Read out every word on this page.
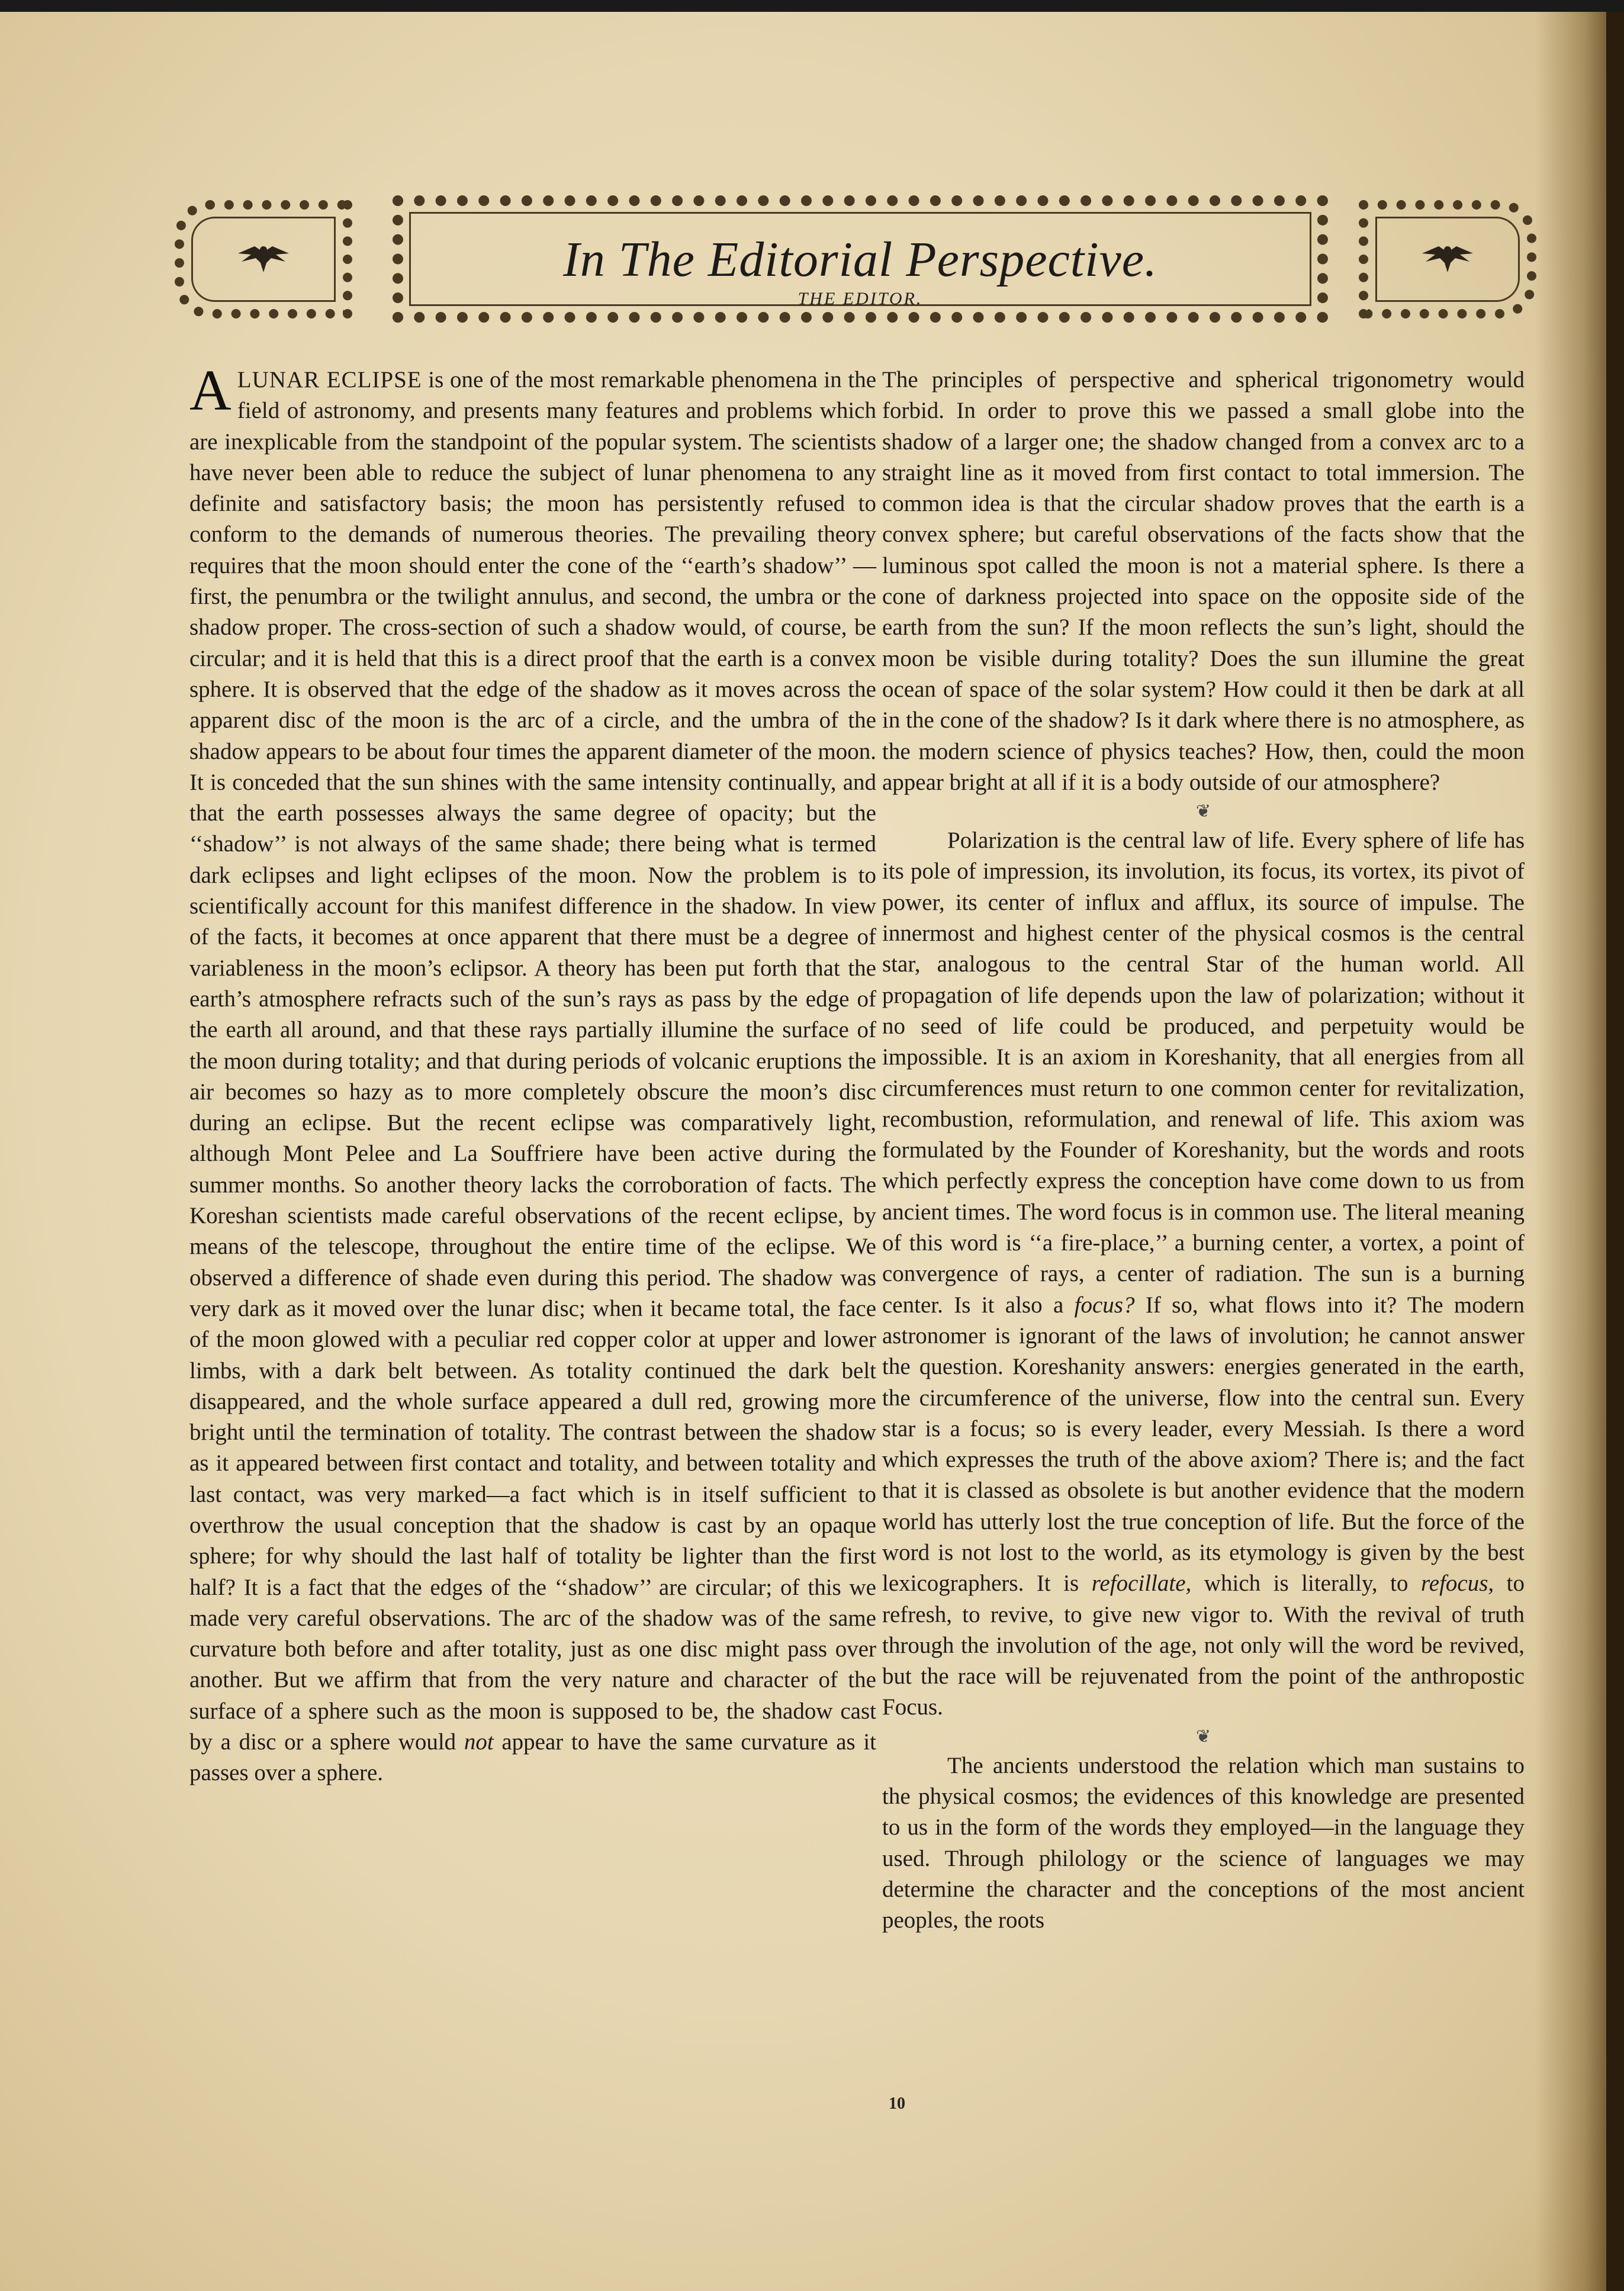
In The Editorial Perspective.
THE EDITOR.

A LUNAR ECLIPSE is one of the most remarkable phenomena in the field of astronomy, and presents many features and problems which are inexplicable from the standpoint of the popular system. The scientists have never been able to reduce the subject of lunar phenomena to any definite and satisfactory basis; the moon has persistently refused to conform to the demands of numerous theories. The prevailing theory requires that the moon should enter the cone of the ‘‘earth’s shadow’’ —first, the penumbra or the twilight annulus, and second, the umbra or the shadow proper. The cross-section of such a shadow would, of course, be circular; and it is held that this is a direct proof that the earth is a convex sphere. It is observed that the edge of the shadow as it moves across the apparent disc of the moon is the arc of a circle, and the umbra of the shadow appears to be about four times the apparent diameter of the moon. It is conceded that the sun shines with the same intensity continually, and that the earth possesses always the same degree of opacity; but the ‘‘shadow’’ is not always of the same shade; there being what is termed dark eclipses and light eclipses of the moon. Now the problem is to scientifically account for this manifest difference in the shadow. In view of the facts, it becomes at once apparent that there must be a degree of variableness in the moon’s eclipsor. A theory has been put forth that the earth’s atmosphere refracts such of the sun’s rays as pass by the edge of the earth all around, and that these rays partially illumine the surface of the moon during totality; and that during periods of volcanic eruptions the air becomes so hazy as to more completely obscure the moon’s disc during an eclipse. But the recent eclipse was comparatively light, although Mont Pelee and La Souffriere have been active during the summer months. So another theory lacks the corroboration of facts. The Koreshan scientists made careful observations of the recent eclipse, by means of the telescope, throughout the entire time of the eclipse. We observed a difference of shade even during this period. The shadow was very dark as it moved over the lunar disc; when it became total, the face of the moon glowed with a peculiar red copper color at upper and lower limbs, with a dark belt between. As totality continued the dark belt disappeared, and the whole surface appeared a dull red, growing more bright until the termination of totality. The contrast between the shadow as it appeared between first contact and totality, and between totality and last contact, was very marked—a fact which is in itself sufficient to overthrow the usual conception that the shadow is cast by an opaque sphere; for why should the last half of totality be lighter than the first half? It is a fact that the edges of the ‘‘shadow’’ are circular; of this we made very careful observations. The arc of the shadow was of the same curvature both before and after totality, just as one disc might pass over another. But we affirm that from the very nature and character of the surface of a sphere such as the moon is supposed to be, the shadow cast by a disc or a sphere would not appear to have the same curvature as it passes over a sphere.

The principles of perspective and spherical trigonometry would forbid. In order to prove this we passed a small globe into the shadow of a larger one; the shadow changed from a convex arc to a straight line as it moved from first contact to total immersion. The common idea is that the circular shadow proves that the earth is a convex sphere; but careful observations of the facts show that the luminous spot called the moon is not a material sphere. Is there a cone of darkness projected into space on the opposite side of the earth from the sun? If the moon reflects the sun’s light, should the moon be visible during totality? Does the sun illumine the great ocean of space of the solar system? How could it then be dark at all in the cone of the shadow? Is it dark where there is no atmosphere, as the modern science of physics teaches? How, then, could the moon appear bright at all if it is a body outside of our atmosphere?

❦

Polarization is the central law of life. Every sphere of life has its pole of impression, its involution, its focus, its vortex, its pivot of power, its center of influx and afflux, its source of impulse. The innermost and highest center of the physical cosmos is the central star, analogous to the central Star of the human world. All propagation of life depends upon the law of polarization; without it no seed of life could be produced, and perpetuity would be impossible. It is an axiom in Koreshanity, that all energies from all circumferences must return to one common center for revitalization, recombustion, reformulation, and renewal of life. This axiom was formulated by the Founder of Koreshanity, but the words and roots which perfectly express the conception have come down to us from ancient times. The word focus is in common use. The literal meaning of this word is ‘‘a fire-place,’’ a burning center, a vortex, a point of convergence of rays, a center of radiation. The sun is a burning center. Is it also a focus? If so, what flows into it? The modern astronomer is ignorant of the laws of involution; he cannot answer the question. Koreshanity answers: energies generated in the earth, the circumference of the universe, flow into the central sun. Every star is a focus; so is every leader, every Messiah. Is there a word which expresses the truth of the above axiom? There is; and the fact that it is classed as obsolete is but another evidence that the modern world has utterly lost the true conception of life. But the force of the word is not lost to the world, as its etymology is given by the best lexicographers. It is refocillate, which is literally, to refocus, to refresh, to revive, to give new vigor to. With the revival of truth through the involution of the age, not only will the word be revived, but the race will be rejuvenated from the point of the anthropostic Focus.

❦

The ancients understood the relation which man sustains to the physical cosmos; the evidences of this knowledge are presented to us in the form of the words they employed—in the language they used. Through philology or the science of languages we may determine the character and the conceptions of the most ancient peoples, the roots

10
